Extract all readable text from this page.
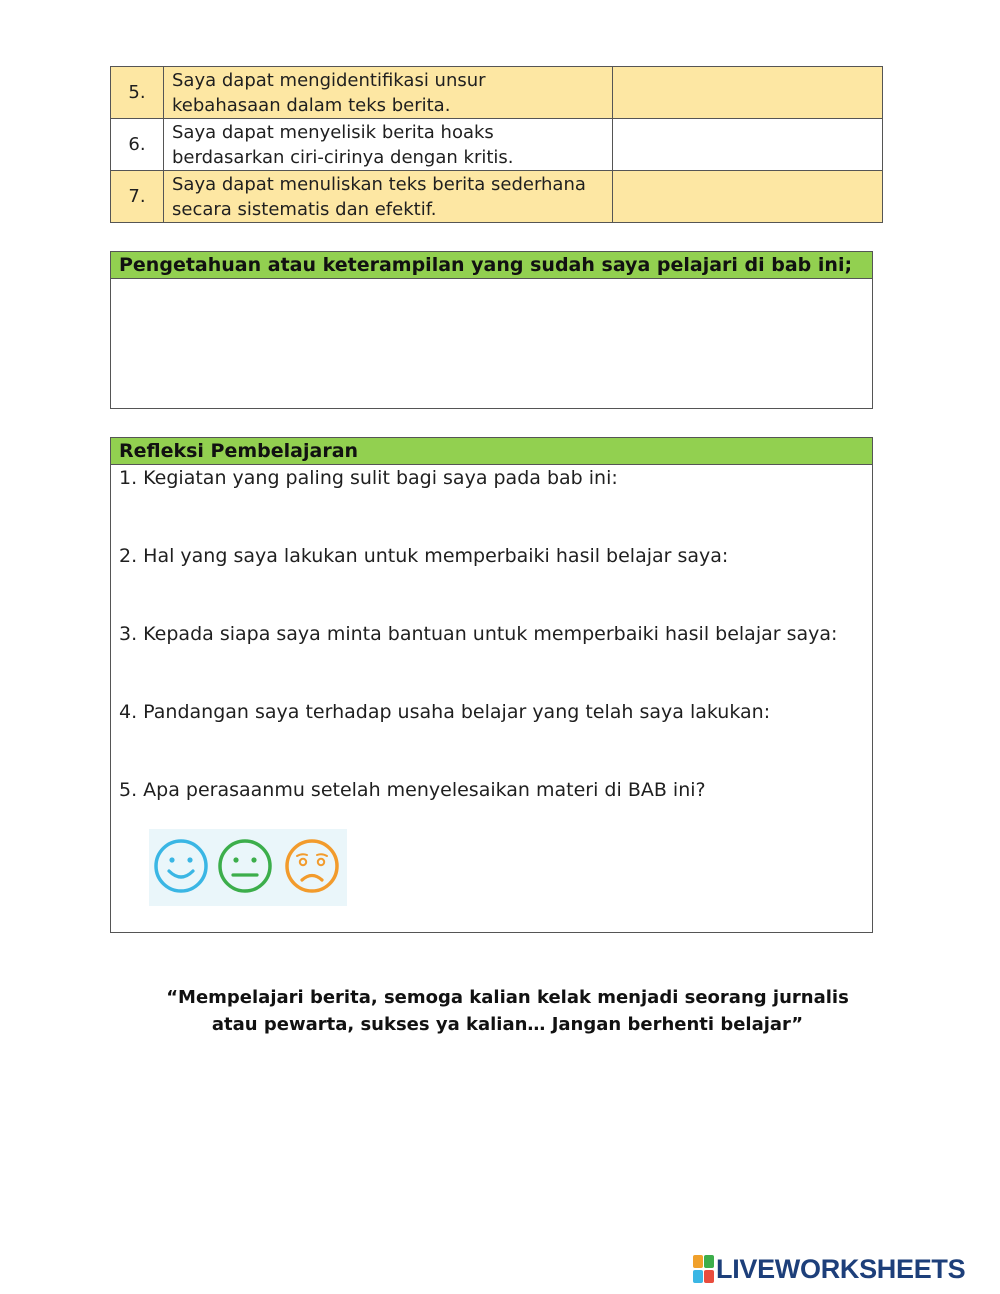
5.	Saya dapat mengidentifikasi unsur
kebahasaan dalam teks berita.	
6.	Saya dapat menyelisik berita hoaks
berdasarkan ciri-cirinya dengan kritis.	
7.	Saya dapat menuliskan teks berita sederhana
secara sistematis dan efektif.	
Pengetahuan atau keterampilan yang sudah saya pelajari di bab ini;
Refleksi Pembelajaran
1. Kegiatan yang paling sulit bagi saya pada bab ini:
2. Hal yang saya lakukan untuk memperbaiki hasil belajar saya:
3. Kepada siapa saya minta bantuan untuk memperbaiki hasil belajar saya:
4. Pandangan saya terhadap usaha belajar yang telah saya lakukan:
5. Apa perasaanmu setelah menyelesaikan materi di BAB ini?
“Mempelajari berita, semoga kalian kelak menjadi seorang jurnalis
atau pewarta, sukses ya kalian… Jangan berhenti belajar”
LIVEWORKSHEETS
